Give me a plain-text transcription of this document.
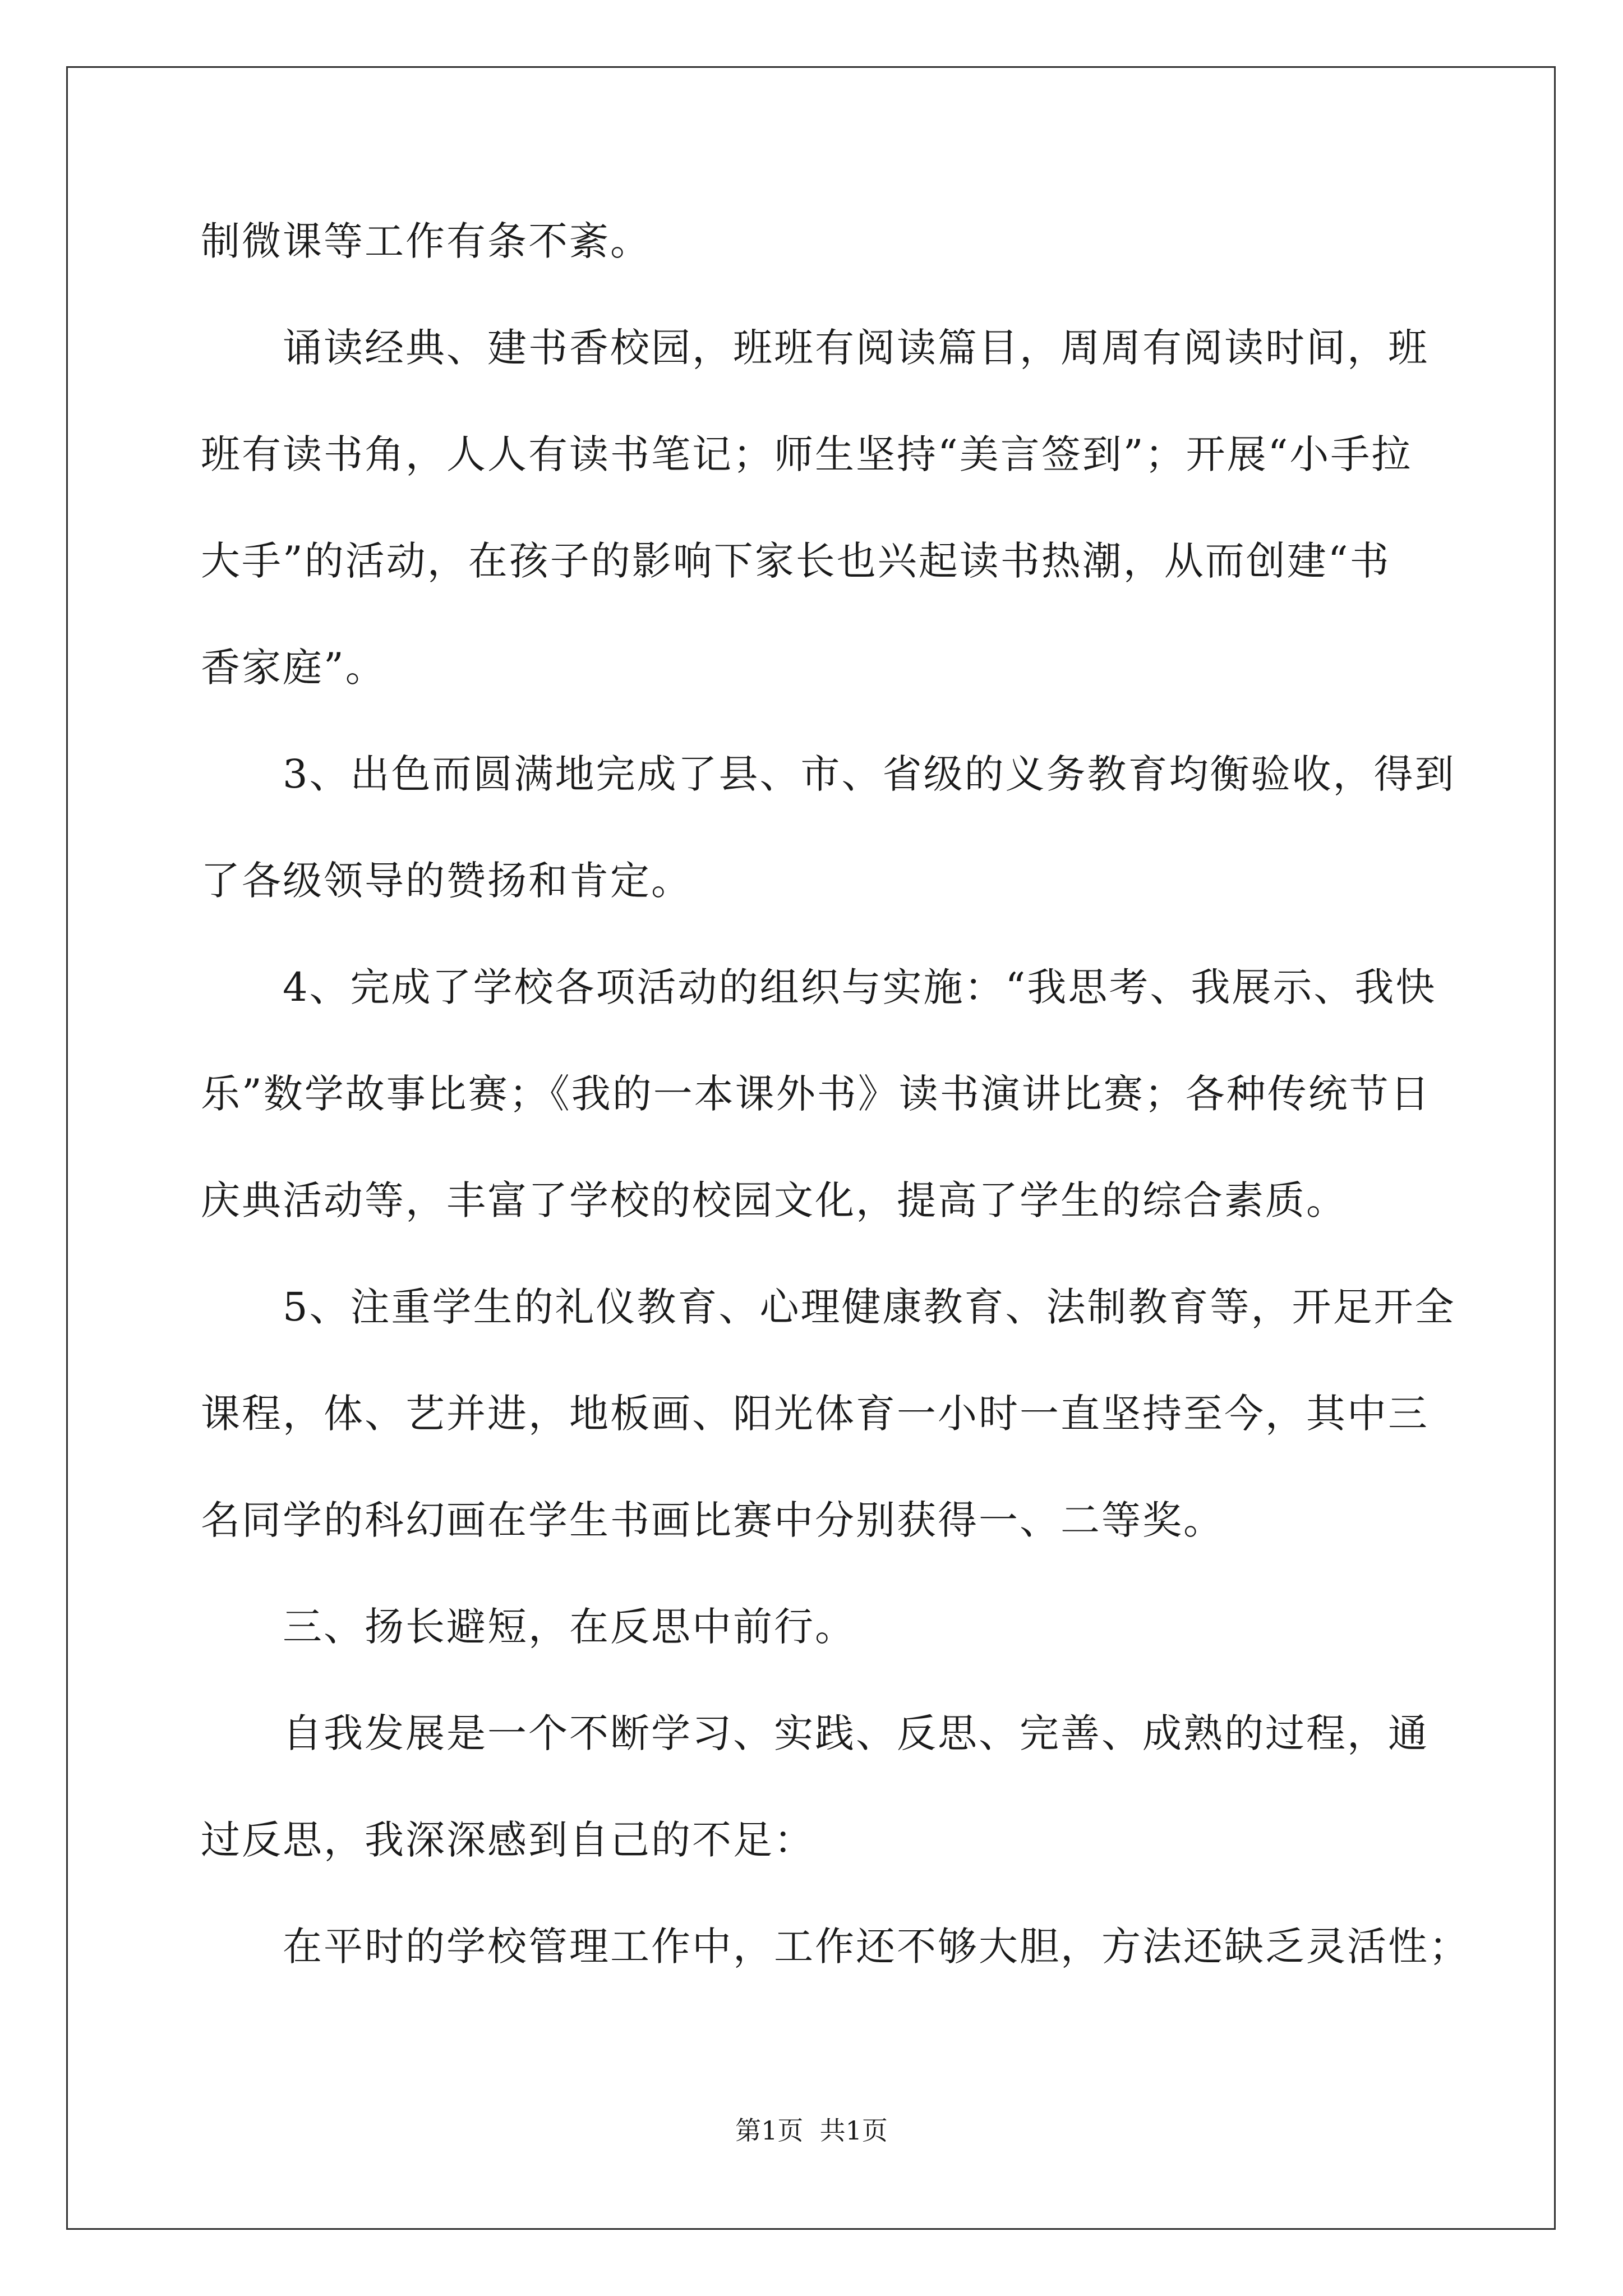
制微课等工作有条不紊。
诵读经典、建书香校园，班班有阅读篇目，周周有阅读时间，班
班有读书角，人人有读书笔记；师生坚持“美言签到”；开展“小手拉
大手”的活动，在孩子的影响下家长也兴起读书热潮，从而创建“书
香家庭”。
3、出色而圆满地完成了县、市、省级的义务教育均衡验收，得到
了各级领导的赞扬和肯定。
4、完成了学校各项活动的组织与实施：“我思考、我展示、我快
乐”数学故事比赛；《我的一本课外书》读书演讲比赛；各种传统节日
庆典活动等，丰富了学校的校园文化，提高了学生的综合素质。
5、注重学生的礼仪教育、心理健康教育、法制教育等，开足开全
课程，体、艺并进，地板画、阳光体育一小时一直坚持至今，其中三
名同学的科幻画在学生书画比赛中分别获得一、二等奖。
三、扬长避短，在反思中前行。
自我发展是一个不断学习、实践、反思、完善、成熟的过程，通
过反思，我深深感到自己的不足：
在平时的学校管理工作中，工作还不够大胆，方法还缺乏灵活性；
第1页  共1页
